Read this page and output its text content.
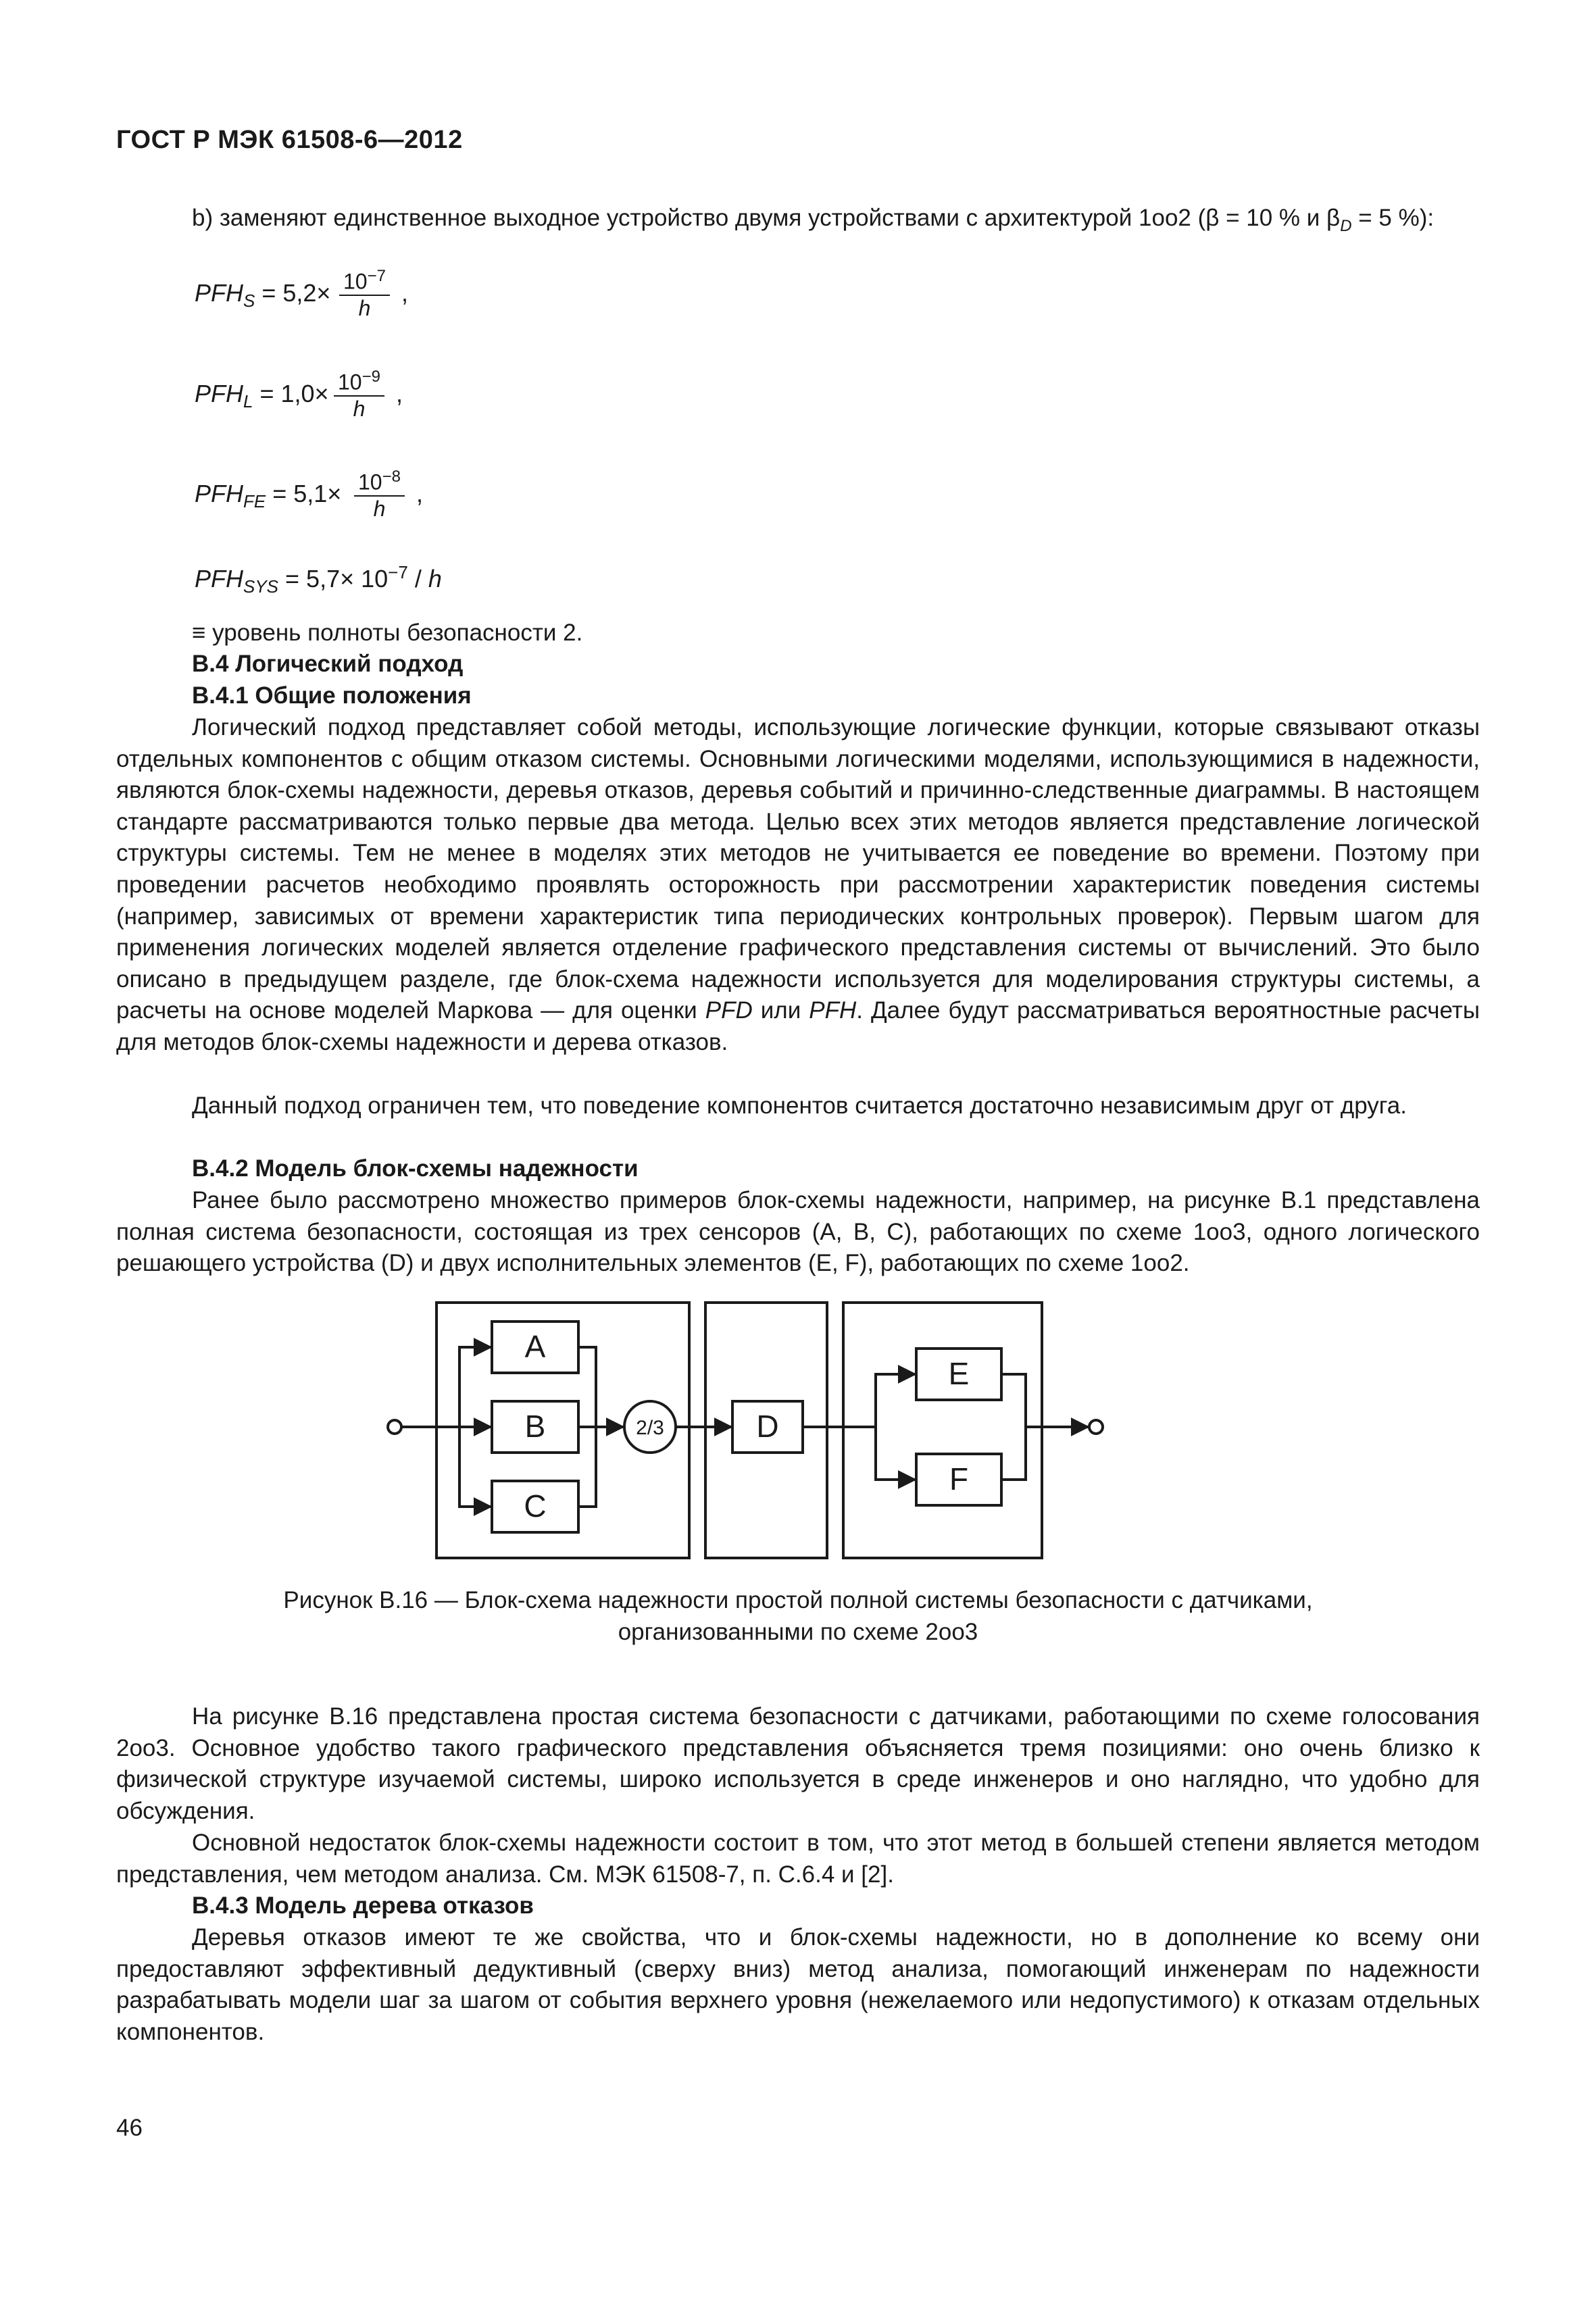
ГОСТ Р МЭК 61508-6—2012
b) заменяют единственное выходное устройство двумя устройствами с архитектурой 1оо2 (β = 10 % и $\beta_D = 5$ %):
$PFH_S = 5,2\times \frac{10^{-7}}{h}$ ,
$PFH_L = 1,0\times \frac{10^{-9}}{h}$ ,
$PFH_{FE} = 5,1\times \frac{10^{-8}}{h}$ ,
$PFH_{SYS} = 5,7\times 10^{-7} / h$
≡ уровень полноты безопасности 2.
B.4 Логический подход
B.4.1 Общие положения
Логический подход представляет собой методы, использующие логические функции, которые связывают отказы отдельных компонентов с общим отказом системы. Основными логическими моделями, использующимися в надежности, являются блок-схемы надежности, деревья отказов, деревья событий и причинно-следственные диаграммы. В настоящем стандарте рассматриваются только первые два метода. Целью всех этих методов является представление логической структуры системы. Тем не менее в моделях этих методов не учитывается ее поведение во времени. Поэтому при проведении расчетов необходимо проявлять осторожность при рассмотрении характеристик поведения системы (например, зависимых от времени характеристик типа периодических контрольных проверок). Первым шагом для применения логических моделей является отделение графического представления системы от вычислений. Это было описано в предыдущем разделе, где блок-схема надежности используется для моделирования структуры системы, а расчеты на основе моделей Маркова — для оценки PFD или PFH. Далее будут рассматриваться вероятностные расчеты для методов блок-схемы надежности и дерева отказов.
Данный подход ограничен тем, что поведение компонентов считается достаточно независимым друг от друга.
B.4.2 Модель блок-схемы надежности
Ранее было рассмотрено множество примеров блок-схемы надежности, например, на рисунке B.1 представлена полная система безопасности, состоящая из трех сенсоров (A, B, C), работающих по схеме 1оо3, одного логического решающего устройства (D) и двух исполнительных элементов (E, F), работающих по схеме 1оо2.
A
B
C
D
E
F
2/3
Рисунок B.16 — Блок-схема надежности простой полной системы безопасности с датчиками,
организованными по схеме 2оо3
На рисунке B.16 представлена простая система безопасности с датчиками, работающими по схеме голосования 2оо3. Основное удобство такого графического представления объясняется тремя позициями: оно очень близко к физической структуре изучаемой системы, широко используется в среде инженеров и оно наглядно, что удобно для обсуждения.
Основной недостаток блок-схемы надежности состоит в том, что этот метод в большей степени является методом представления, чем методом анализа. См. МЭК 61508-7, п. C.6.4 и [2].
B.4.3 Модель дерева отказов
Деревья отказов имеют те же свойства, что и блок-схемы надежности, но в дополнение ко всему они предоставляют эффективный дедуктивный (сверху вниз) метод анализа, помогающий инженерам по надежности разрабатывать модели шаг за шагом от события верхнего уровня (нежелаемого или недопустимого) к отказам отдельных компонентов.
46
